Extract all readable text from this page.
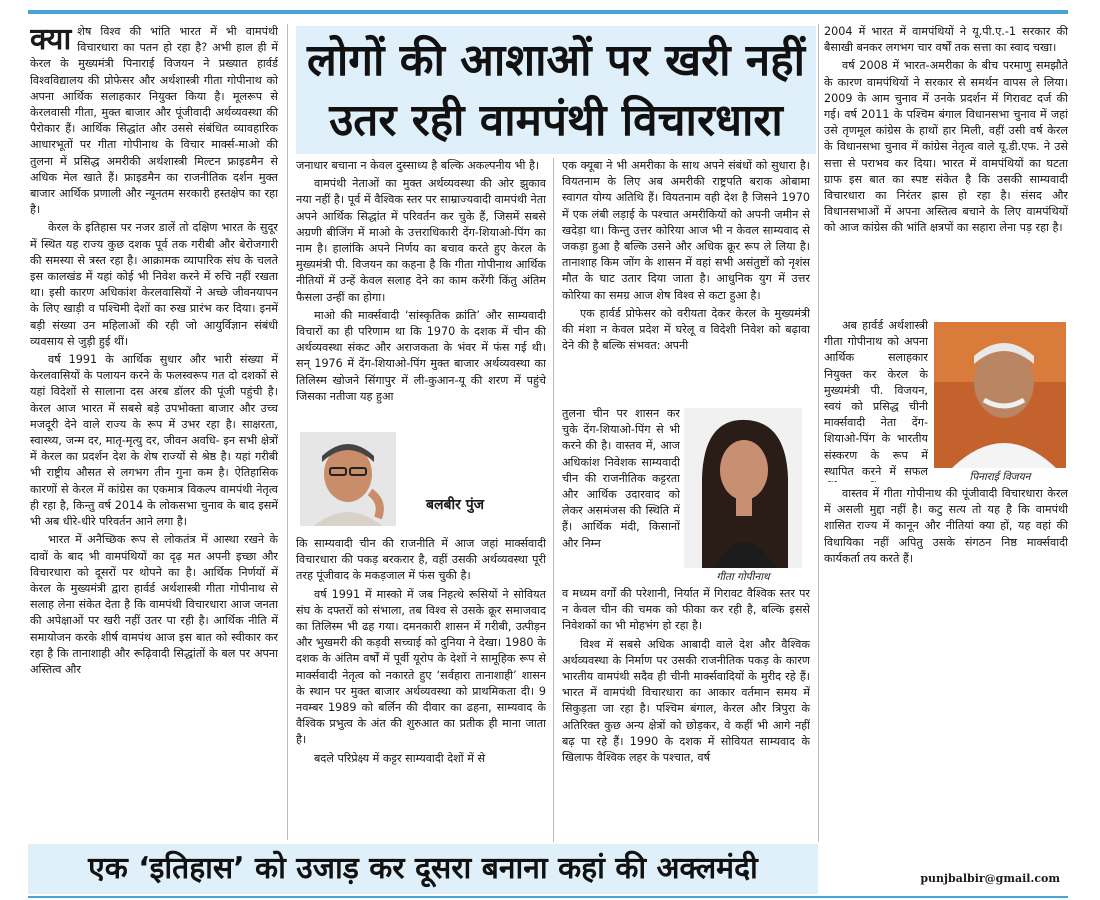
क्या शेष विश्व की भांति भारत में भी वामपंथी विचारधारा का पतन हो रहा है? अभी हाल ही में केरल के मुख्यमंत्री पिनाराई विजयन ने प्रख्यात हार्वर्ड विश्वविद्यालय की प्रोफेसर और अर्थशास्त्री गीता गोपीनाथ को अपना आर्थिक सलाहकार नियुक्त किया है। मूलरूप से केरलवासी गीता, मुक्त बाजार और पूंजीवादी अर्थव्यवस्था की पैरोकार हैं। आर्थिक सिद्धांत और उससे संबंधित व्यावहारिक आधारभूतों पर गीता गोपीनाथ के विचार मार्क्स-माओ की तुलना में प्रसिद्ध अमरीकी अर्थशास्त्री मिल्टन फ्राइडमैन से अधिक मेल खाते हैं। फ्राइडमैन का राजनीतिक दर्शन मुक्त बाजार आर्थिक प्रणाली और न्यूनतम सरकारी हस्तक्षेप का रहा है।

केरल के इतिहास पर नजर डालें तो दक्षिण भारत के सुदूर में स्थित यह राज्य कुछ दशक पूर्व तक गरीबी और बेरोजगारी की समस्या से त्रस्त रहा है। आक्रामक व्यापारिक संघ के चलते इस कालखंड में यहां कोई भी निवेश करने में रुचि नहीं रखता था। इसी कारण अधिकांश केरलवासियों ने अच्छे जीवनयापन के लिए खाड़ी व पश्चिमी देशों का रुख प्रारंभ कर दिया। इनमें बड़ी संख्या उन महिलाओं की रही जो आयुर्विज्ञान संबंधी व्यवसाय से जुड़ी हुई थीं।

वर्ष 1991 के आर्थिक सुधार और भारी संख्या में केरलवासियों के पलायन करने के फलस्वरूप गत दो दशकों से यहां विदेशों से सालाना दस अरब डॉलर की पूंजी पहुंची है। केरल आज भारत में सबसे बड़े उपभोक्ता बाजार और उच्च मजदूरी देने वाले राज्य के रूप में उभर रहा है। साक्षरता, स्वास्थ्य, जन्म दर, मातृ-मृत्यु दर, जीवन अवधि- इन सभी क्षेत्रों में केरल का प्रदर्शन देश के शेष राज्यों से श्रेष्ठ है। यहां गरीबी भी राष्ट्रीय औसत से लगभग तीन गुना कम है। ऐतिहासिक कारणों से केरल में कांग्रेस का एकमात्र विकल्प वामपंथी नेतृत्व ही रहा है, किन्तु वर्ष 2014 के लोकसभा चुनाव के बाद इसमें भी अब धीरे-धीरे परिवर्तन आने लगा है।

भारत में अनैच्छिक रूप से लोकतंत्र में आस्था रखने के दावों के बाद भी वामपंथियों का दृढ़ मत अपनी इच्छा और विचारधारा को दूसरों पर थोपने का है। आर्थिक निर्णयों में केरल के मुख्यमंत्री द्वारा हार्वर्ड अर्थशास्त्री गीता गोपीनाथ से सलाह लेना संकेत देता है कि वामपंथी विचारधारा आज जनता की अपेक्षाओं पर खरी नहीं उतर पा रही है। आर्थिक नीति में समायोजन करके शीर्ष वामपंथ आज इस बात को स्वीकार कर रहा है कि तानाशाही और रूढ़िवादी सिद्धांतों के बल पर अपना अस्तित्व और

लोगों की आशाओं पर खरी नहीं
उतर रही वामपंथी विचारधारा

जनाधार बचाना न केवल दुस्साध्य है बल्कि अकल्पनीय भी है।

वामपंथी नेताओं का मुक्त अर्थव्यवस्था की ओर झुकाव नया नहीं है। पूर्व में वैश्विक स्तर पर साम्राज्यवादी वामपंथी नेता अपने आर्थिक सिद्धांत में परिवर्तन कर चुके हैं, जिसमें सबसे अग्रणी बीजिंग में माओ के उत्तराधिकारी देंग-शियाओ-पिंग का नाम है। हालांकि अपने निर्णय का बचाव करते हुए केरल के मुख्यमंत्री पी. विजयन का कहना है कि गीता गोपीनाथ आर्थिक नीतियों में उन्हें केवल सलाह देने का काम करेंगी किंतु अंतिम फैसला उन्हीं का होगा।

माओ की मार्क्सवादी ‘सांस्कृतिक क्रांति’ और साम्यवादी विचारों का ही परिणाम था कि 1970 के दशक में चीन की अर्थव्यवस्था संकट और अराजकता के भंवर में फंस गई थी। सन् 1976 में देंग-शियाओ-पिंग मुक्त बाजार अर्थव्यवस्था का तिलिस्म खोजने सिंगापुर में ली-कुआन-यू की शरण में पहुंचे जिसका नतीजा यह हुआ

बलबीर पुंज

कि साम्यवादी चीन की राजनीति में आज जहां मार्क्सवादी विचारधारा की पकड़ बरकरार है, वहीं उसकी अर्थव्यवस्था पूरी तरह पूंजीवाद के मकड़जाल में फंस चुकी है।

वर्ष 1991 में मास्को में जब निहत्थे रूसियों ने सोवियत संघ के दफ्तरों को संभाला, तब विश्व से उसके क्रूर समाजवाद का तिलिस्म भी ढह गया। दमनकारी शासन में गरीबी, उत्पीड़न और भुखमरी की कड़वी सच्चाई को दुनिया ने देखा। 1980 के दशक के अंतिम वर्षों में पूर्वी यूरोप के देशों ने सामूहिक रूप से मार्क्सवादी नेतृत्व को नकारते हुए ‘सर्वहारा तानाशाही’ शासन के स्थान पर मुक्त बाजार अर्थव्यवस्था को प्राथमिकता दी। 9 नवम्बर 1989 को बर्लिन की दीवार का ढहना, साम्यवाद के वैश्विक प्रभुत्व के अंत की शुरुआत का प्रतीक ही माना जाता है।

बदले परिप्रेक्ष्य में कट्टर साम्यवादी देशों में से

एक क्यूबा ने भी अमरीका के साथ अपने संबंधों को सुधारा है। वियतनाम के लिए अब अमरीकी राष्ट्रपति बराक ओबामा स्वागत योग्य अतिथि हैं। वियतनाम वही देश है जिसने 1970 में एक लंबी लड़ाई के पश्चात अमरीकियों को अपनी जमीन से खदेड़ा था। किन्तु उत्तर कोरिया आज भी न केवल साम्यवाद से जकड़ा हुआ है बल्कि उसने और अधिक क्रूर रूप ले लिया है। तानाशाह किम जोंग के शासन में वहां सभी असंतुष्टों को नृशंस मौत के घाट उतार दिया जाता है। आधुनिक युग में उत्तर कोरिया का समग्र आज शेष विश्व से कटा हुआ है।

एक हार्वर्ड प्रोफेसर को वरीयता देकर केरल के मुख्यमंत्री की मंशा न केवल प्रदेश में घरेलू व विदेशी निवेश को बढ़ावा देने की है बल्कि संभवत: अपनी

तुलना चीन पर शासन कर चुके देंग-शियाओ-पिंग से भी करने की है। वास्तव में, आज अधिकांश निवेशक साम्यवादी चीन की राजनीतिक कट्टरता और आर्थिक उदारवाद को लेकर असमंजस की स्थिति में हैं। आर्थिक मंदी, किसानों और निम्न

गीता गोपीनाथ

व मध्यम वर्गों की परेशानी, निर्यात में गिरावट वैश्विक स्तर पर न केवल चीन की चमक को फीका कर रही है, बल्कि इससे निवेशकों का भी मोहभंग हो रहा है।

विश्व में सबसे अधिक आबादी वाले देश और वैश्विक अर्थव्यवस्था के निर्माण पर उसकी राजनीतिक पकड़ के कारण भारतीय वामपंथी सदैव ही चीनी मार्क्सवादियों के मुरीद रहे हैं। भारत में वामपंथी विचारधारा का आकार वर्तमान समय में सिकुड़ता जा रहा है। पश्चिम बंगाल, केरल और त्रिपुरा के अतिरिक्त कुछ अन्य क्षेत्रों को छोड़कर, वे कहीं भी आगे नहीं बढ़ पा रहे हैं। 1990 के दशक में सोवियत साम्यवाद के खिलाफ वैश्विक लहर के पश्चात, वर्ष

2004 में भारत में वामपंथियों ने यू.पी.ए.-1 सरकार की बैसाखी बनकर लगभग चार वर्षों तक सत्ता का स्वाद चखा।

वर्ष 2008 में भारत-अमरीका के बीच परमाणु समझौते के कारण वामपंथियों ने सरकार से समर्थन वापस ले लिया। 2009 के आम चुनाव में उनके प्रदर्शन में गिरावट दर्ज की गई। वर्ष 2011 के पश्चिम बंगाल विधानसभा चुनाव में जहां उसे तृणमूल कांग्रेस के हाथों हार मिली, वहीं उसी वर्ष केरल के विधानसभा चुनाव में कांग्रेस नेतृत्व वाले यू.डी.एफ. ने उसे सत्ता से पराभव कर दिया। भारत में वामपंथियों का घटता ग्राफ इस बात का स्पष्ट संकेत है कि उसकी साम्यवादी विचारधारा का निरंतर ह्रास हो रहा है। संसद और विधानसभाओं में अपना अस्तित्व बचाने के लिए वामपंथियों को आज कांग्रेस की भांति क्षत्रपों का सहारा लेना पड़ रहा है।

अब हार्वर्ड अर्थशास्त्री गीता गोपीनाथ को अपना आर्थिक सलाहकार नियुक्त कर केरल के मुख्यमंत्री पी. विजयन, स्वयं को प्रसिद्ध चीनी मार्क्सवादी नेता देंग-शियाओ-पिंग के भारतीय संस्करण के रूप में स्थापित करने में सफल	पिनाराई विजयन

वास्तव में गीता गोपीनाथ की पूंजीवादी विचारधारा केरल में असली मुद्दा नहीं है। कटु सत्य तो यह है कि वामपंथी शासित राज्य में कानून और नीतियां क्या हों, यह वहां की विधायिका नहीं अपितु उसके संगठन निष्ठ मार्क्सवादी कार्यकर्ता तय करते हैं।

एक ‘इतिहास’ को उजाड़ कर दूसरा बनाना कहां की अक्लमंदी	punjbalbir@gmail.com
